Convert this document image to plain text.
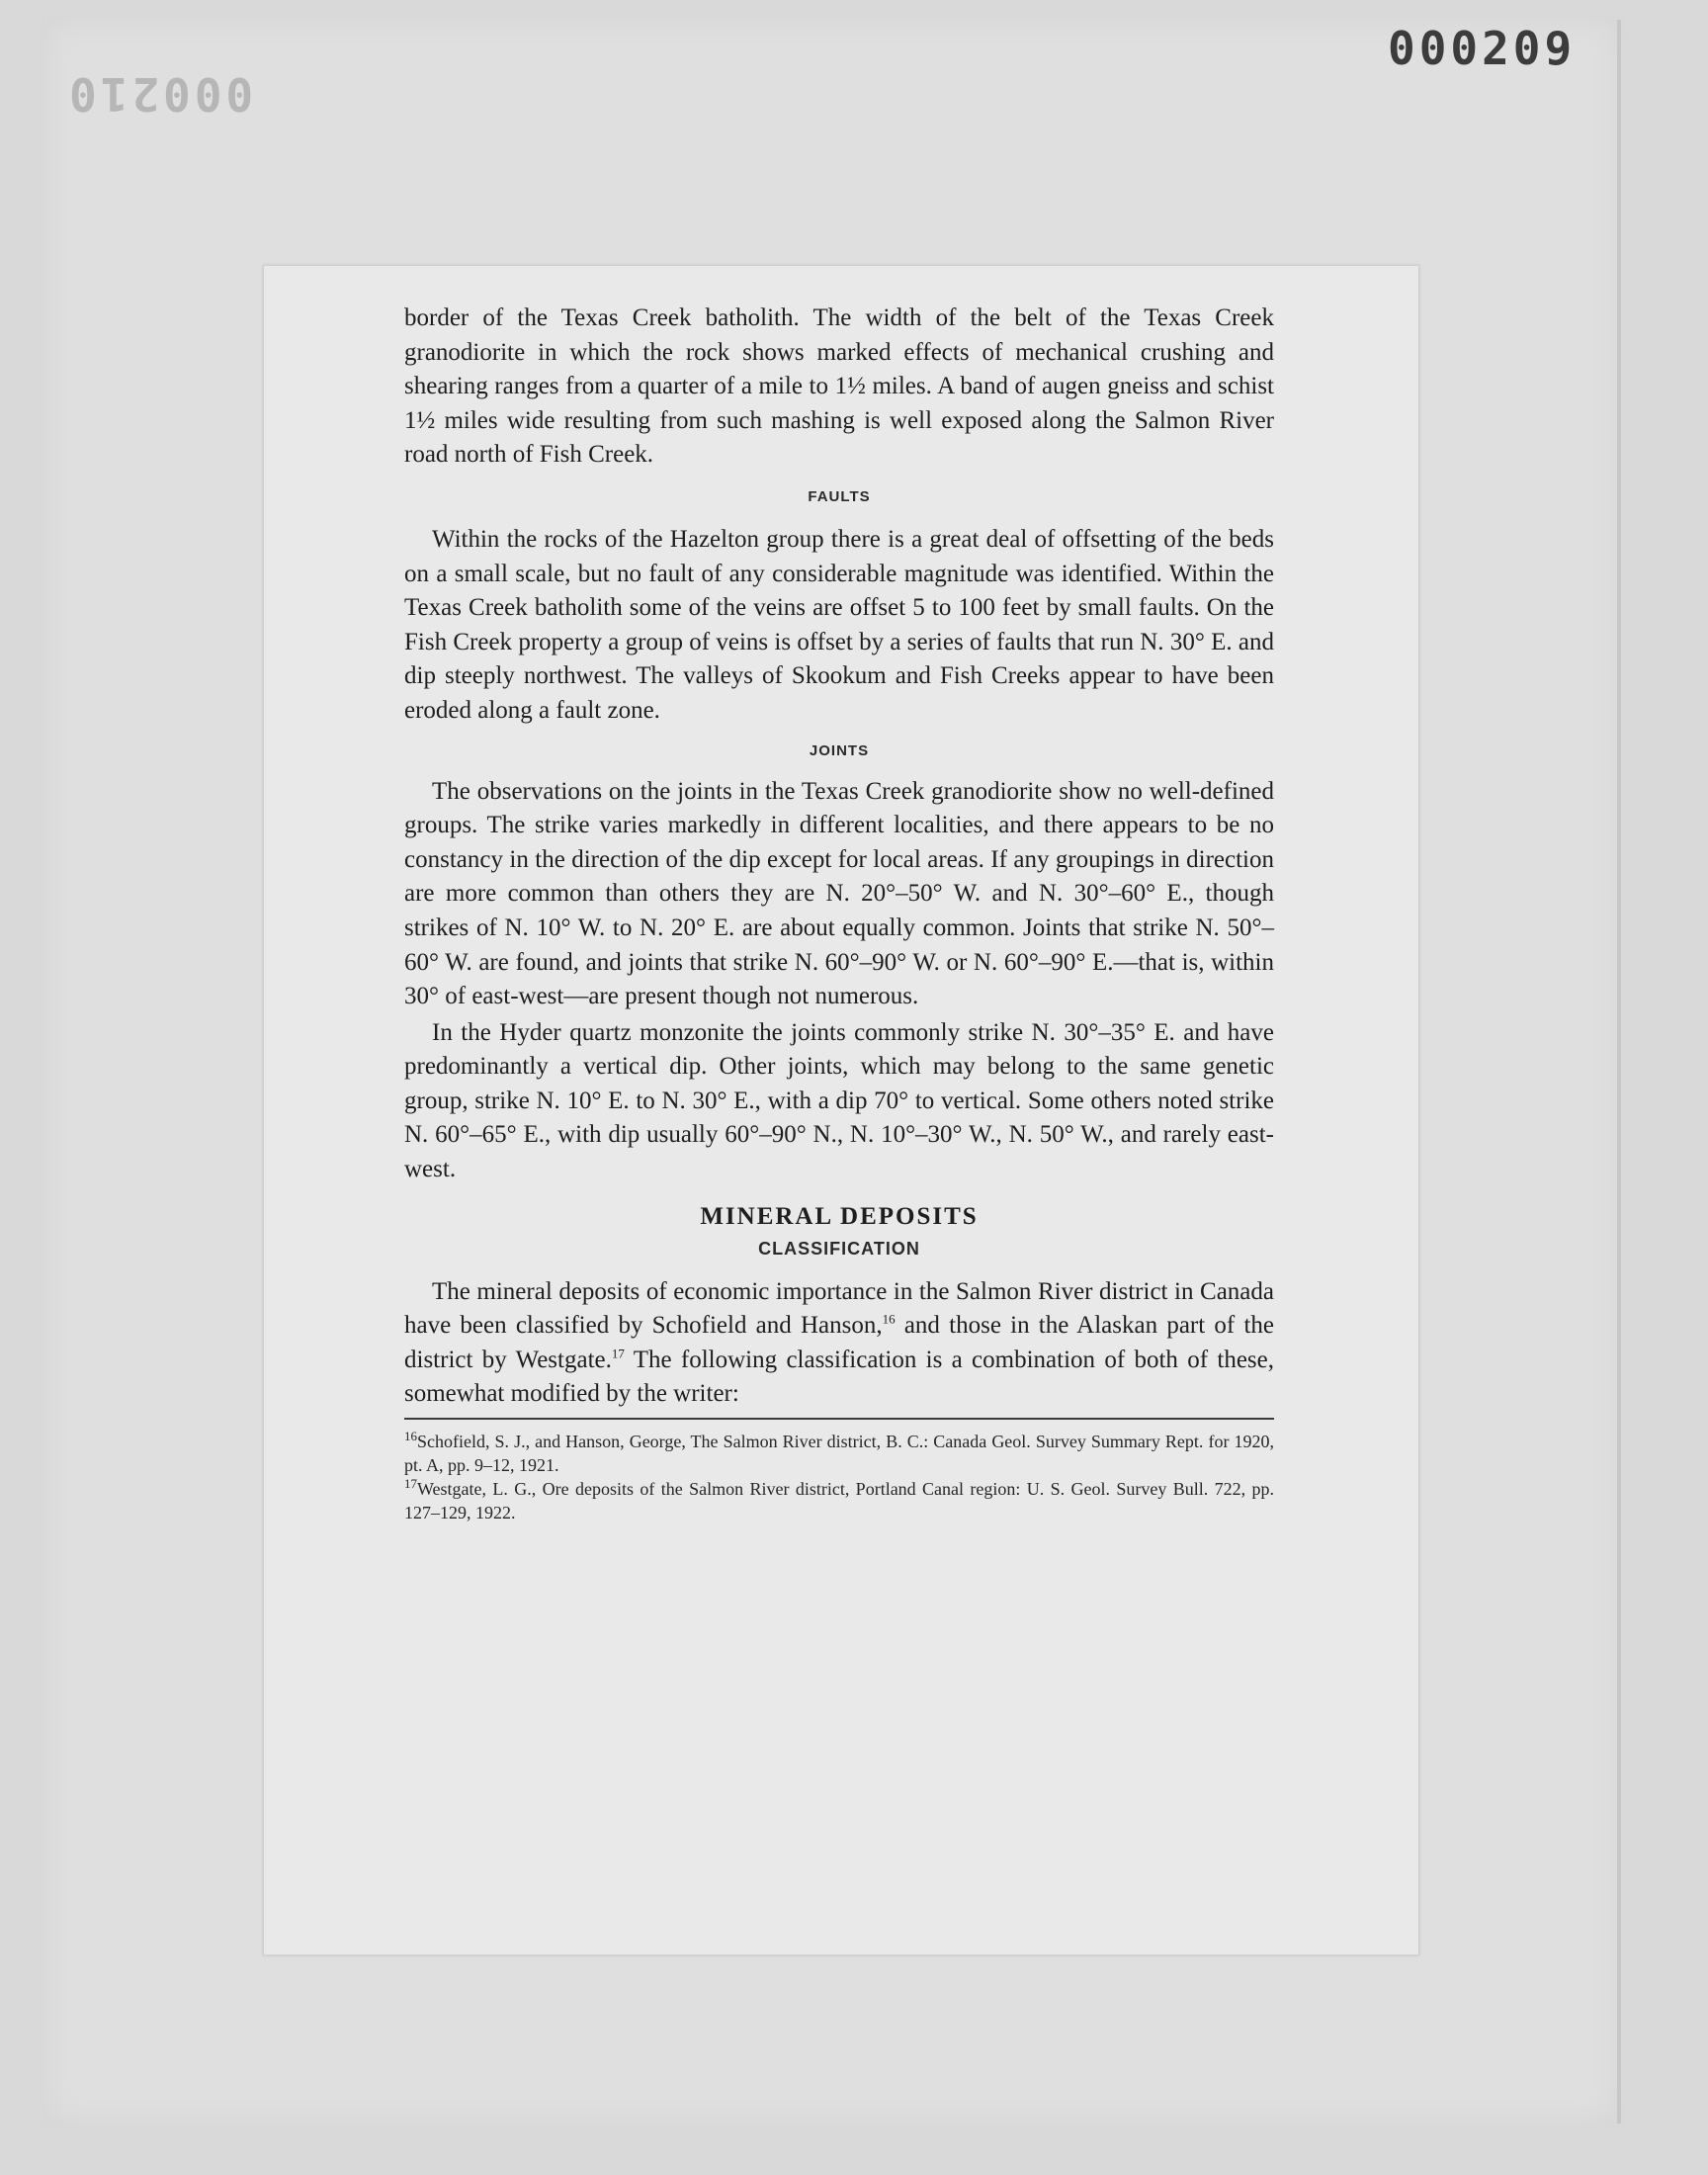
000209
000210

border of the Texas Creek batholith. The width of the belt of the Texas Creek granodiorite in which the rock shows marked effects of mechanical crushing and shearing ranges from a quarter of a mile to 1½ miles. A band of augen gneiss and schist 1½ miles wide resulting from such mashing is well exposed along the Salmon River road north of Fish Creek.

FAULTS

Within the rocks of the Hazelton group there is a great deal of offsetting of the beds on a small scale, but no fault of any considerable magnitude was identified. Within the Texas Creek batholith some of the veins are offset 5 to 100 feet by small faults. On the Fish Creek property a group of veins is offset by a series of faults that run N. 30° E. and dip steeply northwest. The valleys of Skookum and Fish Creeks appear to have been eroded along a fault zone.

JOINTS

The observations on the joints in the Texas Creek granodiorite show no well-defined groups. The strike varies markedly in different localities, and there appears to be no constancy in the direction of the dip except for local areas. If any groupings in direction are more common than others they are N. 20°–50° W. and N. 30°–60° E., though strikes of N. 10° W. to N. 20° E. are about equally common. Joints that strike N. 50°–60° W. are found, and joints that strike N. 60°–90° W. or N. 60°–90° E.—that is, within 30° of east-west—are present though not numerous.

In the Hyder quartz monzonite the joints commonly strike N. 30°–35° E. and have predominantly a vertical dip. Other joints, which may belong to the same genetic group, strike N. 10° E. to N. 30° E., with a dip 70° to vertical. Some others noted strike N. 60°–65° E., with dip usually 60°–90° N., N. 10°–30° W., N. 50° W., and rarely east-west.

MINERAL DEPOSITS

CLASSIFICATION

The mineral deposits of economic importance in the Salmon River district in Canada have been classified by Schofield and Hanson,$^{16}$ and those in the Alaskan part of the district by Westgate.$^{17}$ The following classification is a combination of both of these, somewhat modified by the writer:

$^{16}$Schofield, S. J., and Hanson, George, The Salmon River district, B. C.: Canada Geol. Survey Summary Rept. for 1920, pt. A, pp. 9–12, 1921.

$^{17}$Westgate, L. G., Ore deposits of the Salmon River district, Portland Canal region: U. S. Geol. Survey Bull. 722, pp. 127–129, 1922.
